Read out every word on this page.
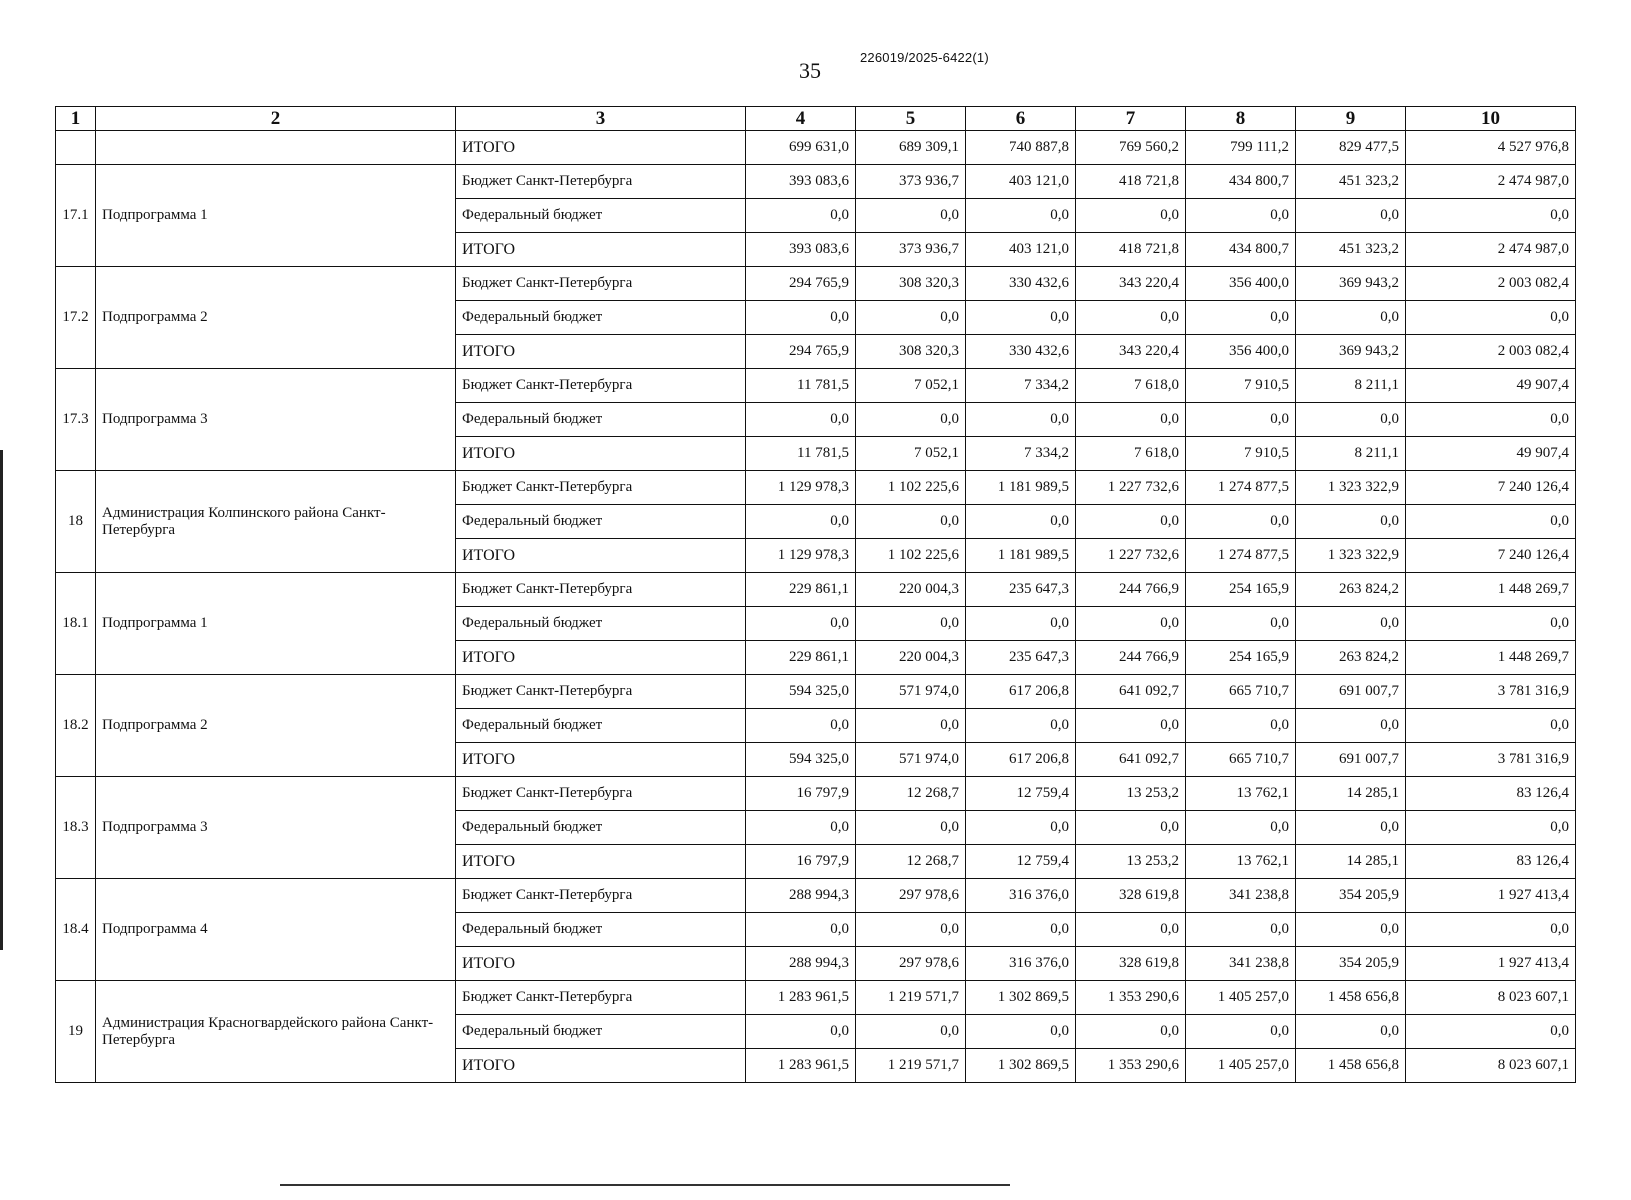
226019/2025-6422(1)
35
1	2	3	4	5	6	7	8	9	10
		ИТОГО	699 631,0	689 309,1	740 887,8	769 560,2	799 111,2	829 477,5	4 527 976,8
17.1	Подпрограмма 1	Бюджет Санкт-Петербурга	393 083,6	373 936,7	403 121,0	418 721,8	434 800,7	451 323,2	2 474 987,0
		Федеральный бюджет	0,0	0,0	0,0	0,0	0,0	0,0	0,0
		ИТОГО	393 083,6	373 936,7	403 121,0	418 721,8	434 800,7	451 323,2	2 474 987,0
17.2	Подпрограмма 2	Бюджет Санкт-Петербурга	294 765,9	308 320,3	330 432,6	343 220,4	356 400,0	369 943,2	2 003 082,4
		Федеральный бюджет	0,0	0,0	0,0	0,0	0,0	0,0	0,0
		ИТОГО	294 765,9	308 320,3	330 432,6	343 220,4	356 400,0	369 943,2	2 003 082,4
17.3	Подпрограмма 3	Бюджет Санкт-Петербурга	11 781,5	7 052,1	7 334,2	7 618,0	7 910,5	8 211,1	49 907,4
		Федеральный бюджет	0,0	0,0	0,0	0,0	0,0	0,0	0,0
		ИТОГО	11 781,5	7 052,1	7 334,2	7 618,0	7 910,5	8 211,1	49 907,4
18	Администрация Колпинского района Санкт-Петербурга	Бюджет Санкт-Петербурга	1 129 978,3	1 102 225,6	1 181 989,5	1 227 732,6	1 274 877,5	1 323 322,9	7 240 126,4
		Федеральный бюджет	0,0	0,0	0,0	0,0	0,0	0,0	0,0
		ИТОГО	1 129 978,3	1 102 225,6	1 181 989,5	1 227 732,6	1 274 877,5	1 323 322,9	7 240 126,4
18.1	Подпрограмма 1	Бюджет Санкт-Петербурга	229 861,1	220 004,3	235 647,3	244 766,9	254 165,9	263 824,2	1 448 269,7
		Федеральный бюджет	0,0	0,0	0,0	0,0	0,0	0,0	0,0
		ИТОГО	229 861,1	220 004,3	235 647,3	244 766,9	254 165,9	263 824,2	1 448 269,7
18.2	Подпрограмма 2	Бюджет Санкт-Петербурга	594 325,0	571 974,0	617 206,8	641 092,7	665 710,7	691 007,7	3 781 316,9
		Федеральный бюджет	0,0	0,0	0,0	0,0	0,0	0,0	0,0
		ИТОГО	594 325,0	571 974,0	617 206,8	641 092,7	665 710,7	691 007,7	3 781 316,9
18.3	Подпрограмма 3	Бюджет Санкт-Петербурга	16 797,9	12 268,7	12 759,4	13 253,2	13 762,1	14 285,1	83 126,4
		Федеральный бюджет	0,0	0,0	0,0	0,0	0,0	0,0	0,0
		ИТОГО	16 797,9	12 268,7	12 759,4	13 253,2	13 762,1	14 285,1	83 126,4
18.4	Подпрограмма 4	Бюджет Санкт-Петербурга	288 994,3	297 978,6	316 376,0	328 619,8	341 238,8	354 205,9	1 927 413,4
		Федеральный бюджет	0,0	0,0	0,0	0,0	0,0	0,0	0,0
		ИТОГО	288 994,3	297 978,6	316 376,0	328 619,8	341 238,8	354 205,9	1 927 413,4
19	Администрация Красногвардейского района Санкт-Петербурга	Бюджет Санкт-Петербурга	1 283 961,5	1 219 571,7	1 302 869,5	1 353 290,6	1 405 257,0	1 458 656,8	8 023 607,1
		Федеральный бюджет	0,0	0,0	0,0	0,0	0,0	0,0	0,0
		ИТОГО	1 283 961,5	1 219 571,7	1 302 869,5	1 353 290,6	1 405 257,0	1 458 656,8	8 023 607,1
